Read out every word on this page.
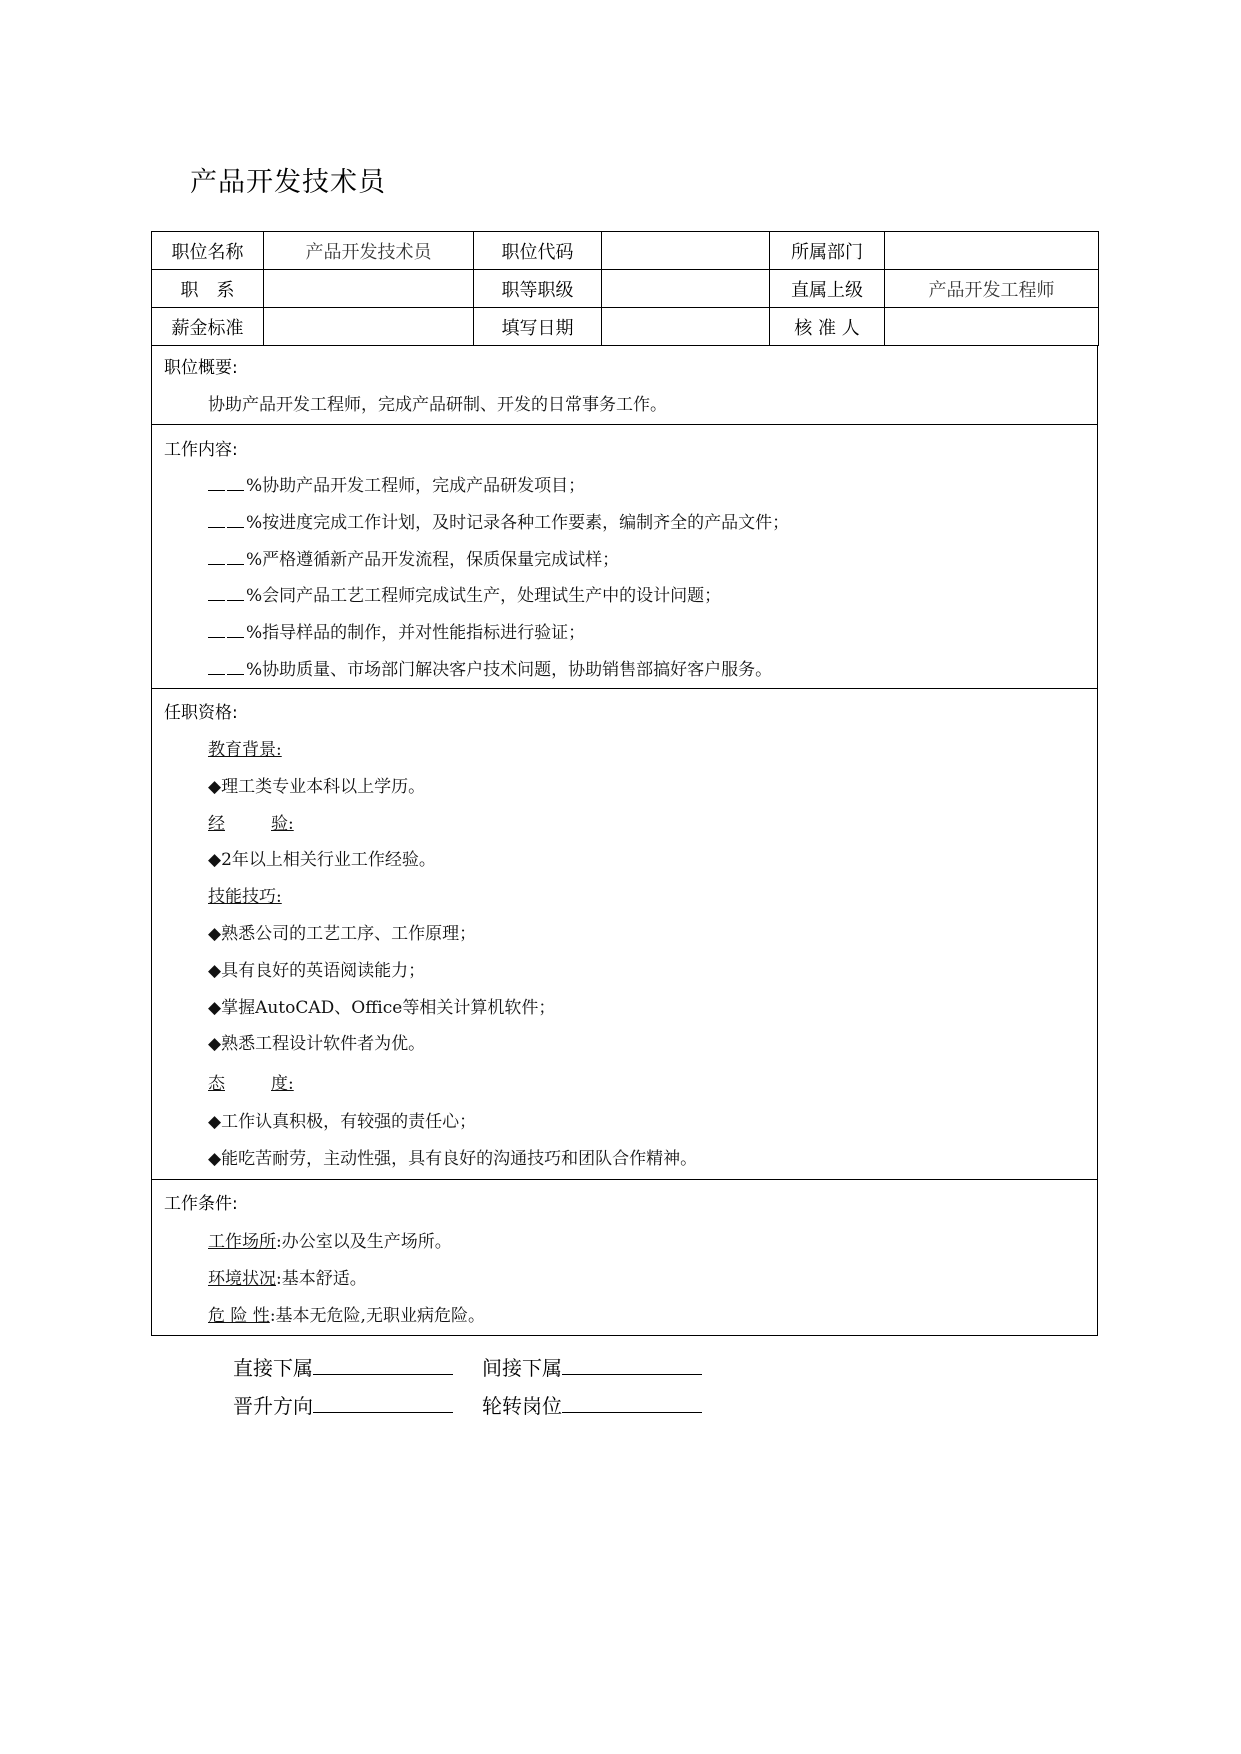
产品开发技术员
职位名称	产品开发技术员	职位代码		所属部门	
职　系		职等职级		直属上级	产品开发工程师
薪金标准		填写日期		核 准 人	
职位概要:
协助产品开发工程师，完成产品研制、开发的日常事务工作。
工作内容:
%协助产品开发工程师，完成产品研发项目；
%按进度完成工作计划，及时记录各种工作要素，编制齐全的产品文件；
%严格遵循新产品开发流程，保质保量完成试样；
%会同产品工艺工程师完成试生产，处理试生产中的设计问题；
%指导样品的制作，并对性能指标进行验证；
%协助质量、市场部门解决客户技术问题，协助销售部搞好客户服务。
任职资格:
教育背景:
◆理工类专业本科以上学历。
经	验:
◆2年以上相关行业工作经验。
技能技巧:
◆熟悉公司的工艺工序、工作原理；
◆具有良好的英语阅读能力；
◆掌握AutoCAD、Office等相关计算机软件；
◆熟悉工程设计软件者为优。
态	度:
◆工作认真积极，有较强的责任心；
◆能吃苦耐劳，主动性强，具有良好的沟通技巧和团队合作精神。
工作条件:
工作场所:办公室以及生产场所。
环境状况:基本舒适。
危 险 性:基本无危险,无职业病危险。
直接下属	间接下属
晋升方向	轮转岗位
